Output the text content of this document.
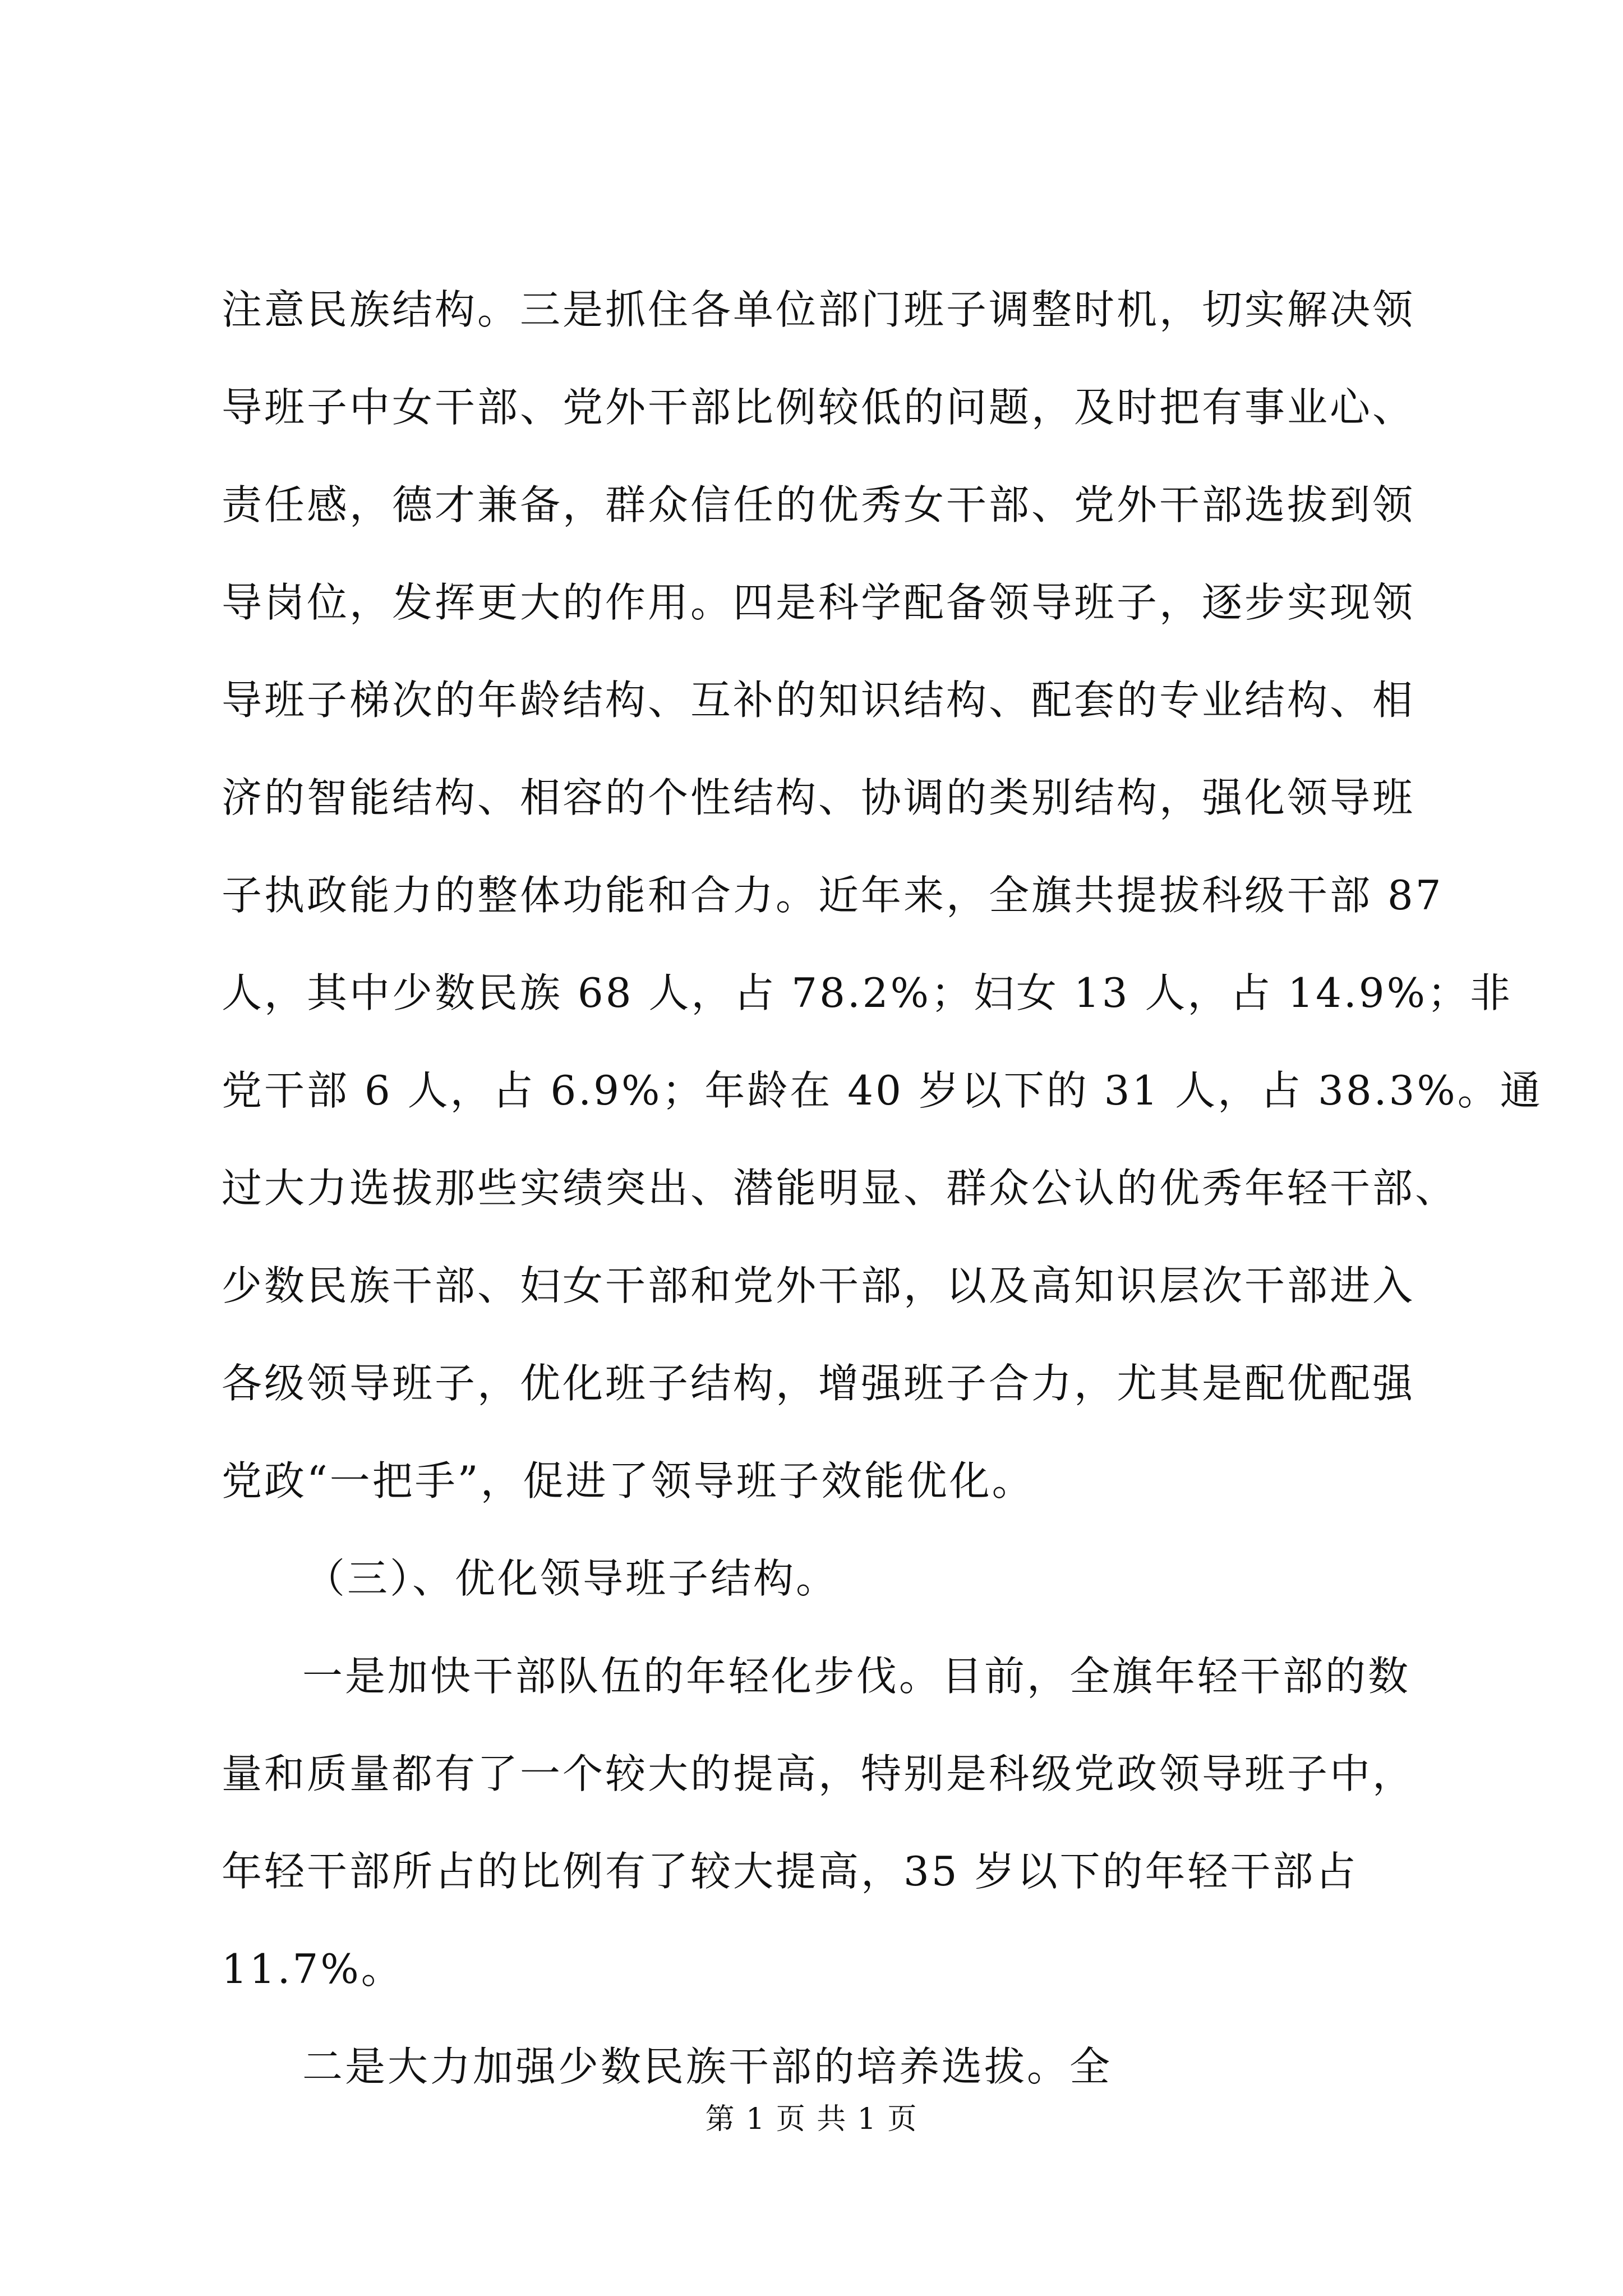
注意民族结构。三是抓住各单位部门班子调整时机，切实解决领
导班子中女干部、党外干部比例较低的问题，及时把有事业心、
责任感，德才兼备，群众信任的优秀女干部、党外干部选拔到领
导岗位，发挥更大的作用。四是科学配备领导班子，逐步实现领
导班子梯次的年龄结构、互补的知识结构、配套的专业结构、相
济的智能结构、相容的个性结构、协调的类别结构，强化领导班
子执政能力的整体功能和合力。近年来，全旗共提拔科级干部 87
人，其中少数民族 68 人，占 78.2%；妇女 13 人，占 14.9%；非
党干部 6 人，占 6.9%；年龄在 40 岁以下的 31 人，占 38.3%。通
过大力选拔那些实绩突出、潜能明显、群众公认的优秀年轻干部、
少数民族干部、妇女干部和党外干部，以及高知识层次干部进入
各级领导班子，优化班子结构，增强班子合力，尤其是配优配强
党政“一把手”，促进了领导班子效能优化。
（三）、优化领导班子结构。
一是加快干部队伍的年轻化步伐。目前，全旗年轻干部的数
量和质量都有了一个较大的提高，特别是科级党政领导班子中，
年轻干部所占的比例有了较大提高，35 岁以下的年轻干部占
11.7%。
二是大力加强少数民族干部的培养选拔。全
第 1 页 共 1 页
